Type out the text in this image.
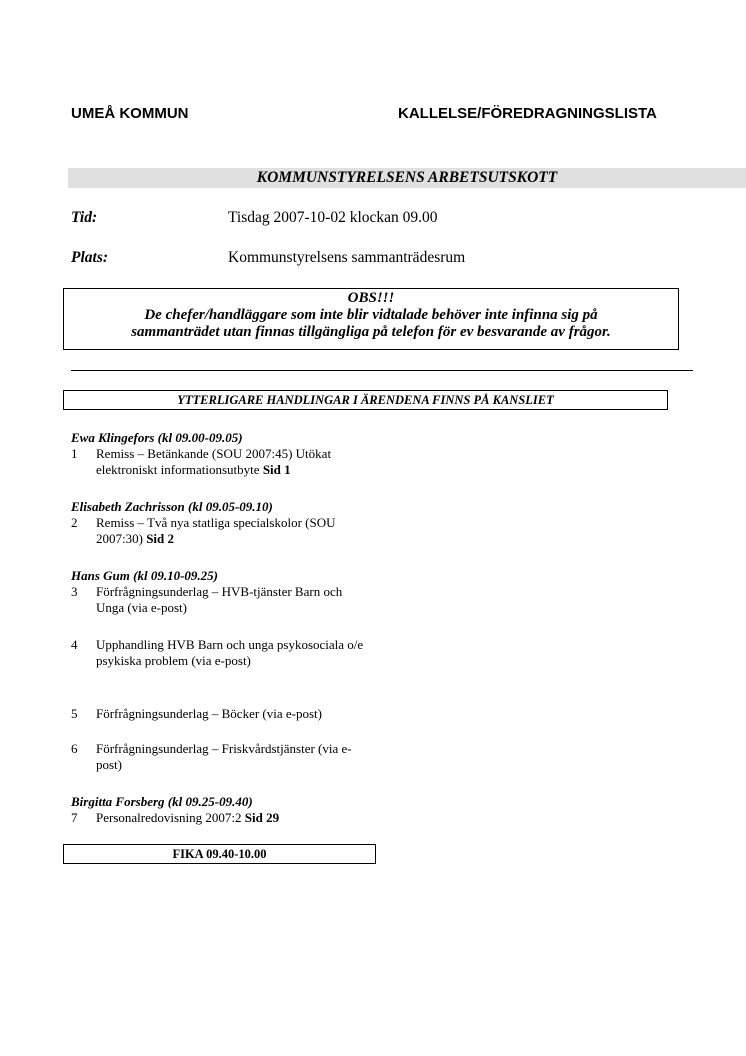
UMEÅ KOMMUN	KALLELSE/FÖREDRAGNINGSLISTA
KOMMUNSTYRELSENS ARBETSUTSKOTT
Tid:	Tisdag 2007-10-02 klockan 09.00
Plats:	Kommunstyrelsens sammanträdesrum
OBS!!!
De chefer/handläggare som inte blir vidtalade behöver inte infinna sig på
sammanträdet utan finnas tillgängliga på telefon för ev besvarande av frågor.
YTTERLIGARE HANDLINGAR I ÄRENDENA FINNS PÅ KANSLIET
Ewa Klingefors (kl 09.00-09.05)
1 Remiss – Betänkande (SOU 2007:45) Utökat elektroniskt informationsutbyte Sid 1
Elisabeth Zachrisson (kl 09.05-09.10)
2 Remiss – Två nya statliga specialskolor (SOU 2007:30) Sid 2
Hans Gum (kl 09.10-09.25)
3 Förfrågningsunderlag – HVB-tjänster Barn och Unga (via e-post)
4 Upphandling HVB Barn och unga psykosociala o/e psykiska problem (via e-post)
5 Förfrågningsunderlag – Böcker (via e-post)
6 Förfrågningsunderlag – Friskvårdstjänster (via e-post)
Birgitta Forsberg (kl 09.25-09.40)
7 Personalredovisning 2007:2 Sid 29
FIKA 09.40-10.00
